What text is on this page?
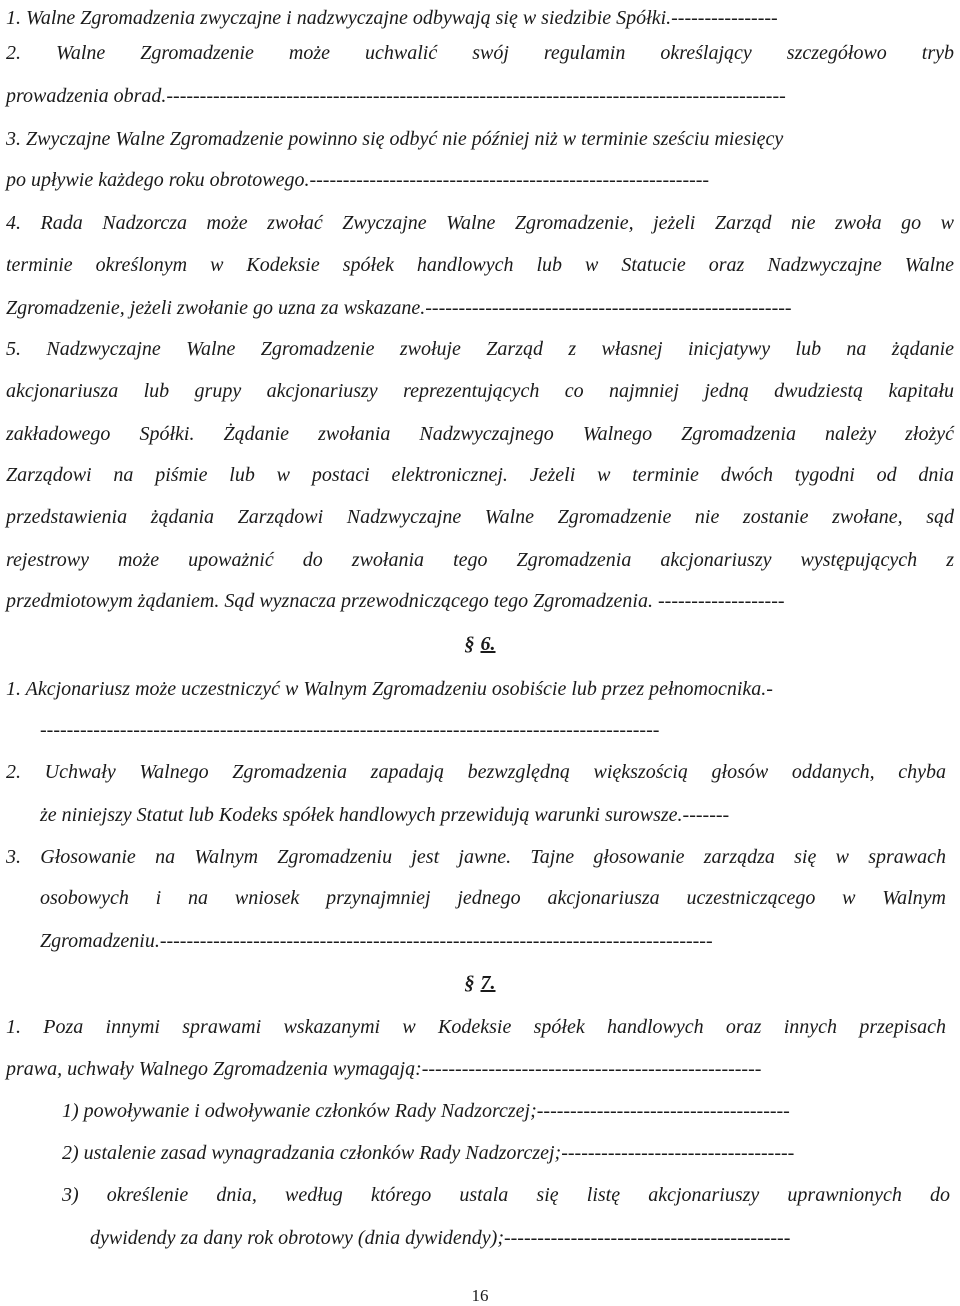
1. Walne Zgromadzenia zwyczajne i nadzwyczajne odbywają się w siedzibie Spółki.----------------
2. Walne Zgromadzenie może uchwalić swój regulamin określający szczegółowo tryb
prowadzenia obrad.---------------------------------------------------------------------------------------------
3. Zwyczajne Walne Zgromadzenie powinno się odbyć nie później niż w terminie sześciu miesięcy
po upływie każdego roku obrotowego.------------------------------------------------------------
4. Rada Nadzorcza może zwołać Zwyczajne Walne Zgromadzenie, jeżeli Zarząd nie zwoła go w
terminie określonym w Kodeksie spółek handlowych lub w Statucie oraz Nadzwyczajne Walne
Zgromadzenie, jeżeli zwołanie go uzna za wskazane.-------------------------------------------------------
5. Nadzwyczajne Walne Zgromadzenie zwołuje Zarząd z własnej inicjatywy lub na żądanie
akcjonariusza lub grupy akcjonariuszy reprezentujących co najmniej jedną dwudziestą kapitału
zakładowego Spółki. Żądanie zwołania Nadzwyczajnego Walnego Zgromadzenia należy złożyć
Zarządowi na piśmie lub w postaci elektronicznej. Jeżeli w terminie dwóch tygodni od dnia
przedstawienia żądania Zarządowi Nadzwyczajne Walne Zgromadzenie nie zostanie zwołane, sąd
rejestrowy może upoważnić do zwołania tego Zgromadzenia akcjonariuszy występujących z
przedmiotowym żądaniem. Sąd wyznacza przewodniczącego tego Zgromadzenia. -------------------
§ 6.
1. Akcjonariusz może uczestniczyć w Walnym Zgromadzeniu osobiście lub przez pełnomocnika.-
---------------------------------------------------------------------------------------------
2. Uchwały Walnego Zgromadzenia zapadają bezwzględną większością głosów oddanych, chyba
że niniejszy Statut lub Kodeks spółek handlowych przewidują warunki surowsze.-------
3. Głosowanie na Walnym Zgromadzeniu jest jawne. Tajne głosowanie zarządza się w sprawach
osobowych i na wniosek przynajmniej jednego akcjonariusza uczestniczącego w Walnym
Zgromadzeniu.-----------------------------------------------------------------------------------
§ 7.
1. Poza innymi sprawami wskazanymi w Kodeksie spółek handlowych oraz innych przepisach
prawa, uchwały Walnego Zgromadzenia wymagają:---------------------------------------------------
1) powoływanie i odwoływanie członków Rady Nadzorczej;--------------------------------------
2) ustalenie zasad wynagradzania członków Rady Nadzorczej;-----------------------------------
3) określenie dnia, według którego ustala się listę akcjonariuszy uprawnionych do
dywidendy za dany rok obrotowy (dnia dywidendy);-------------------------------------------
16
